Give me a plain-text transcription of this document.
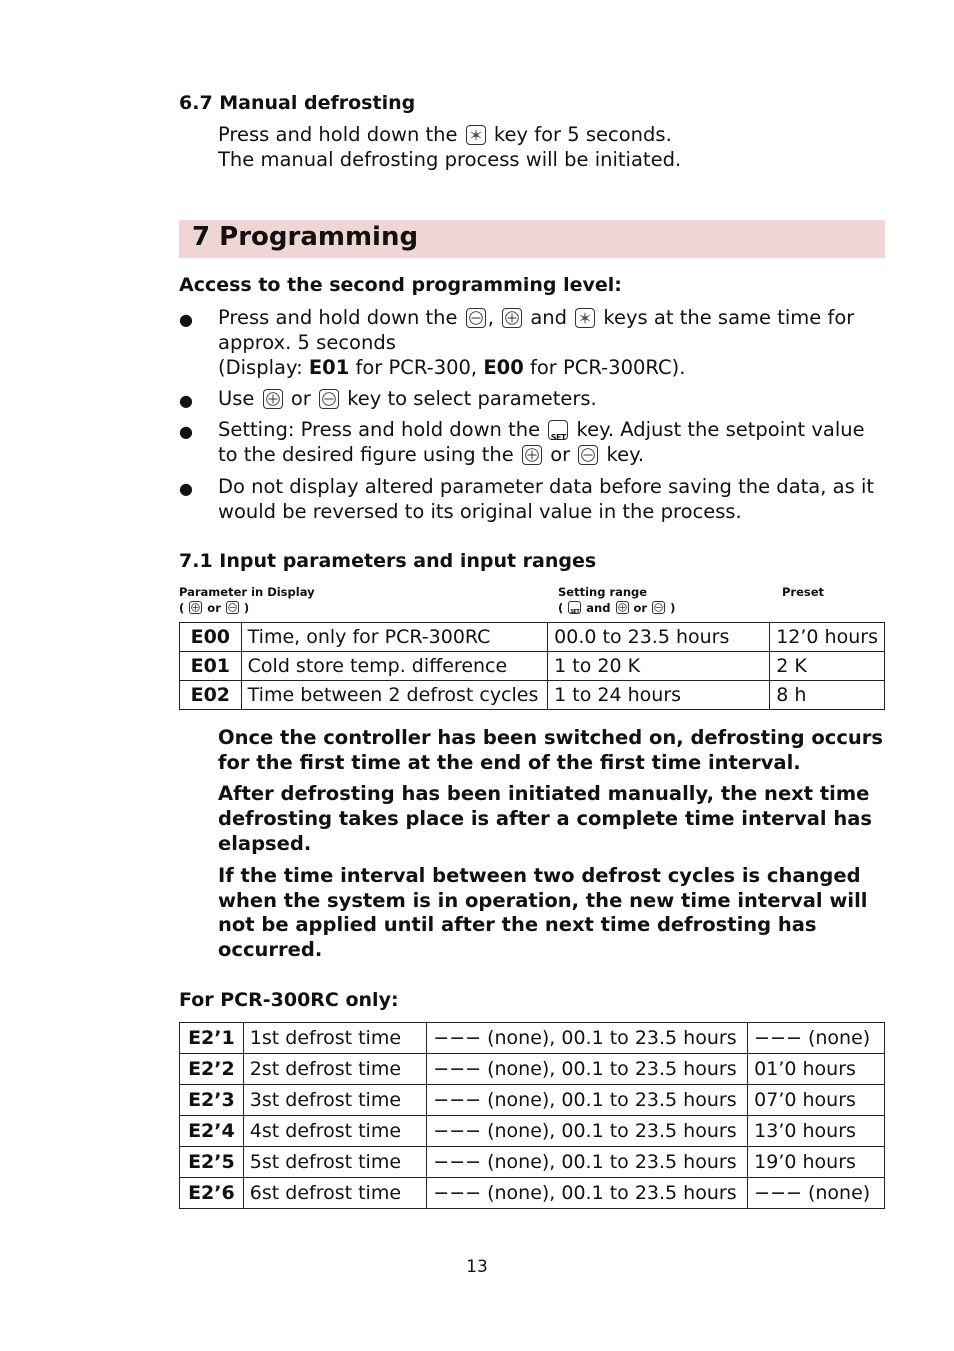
6.7 Manual defrosting
Press and hold down the key for 5 seconds.
The manual defrosting process will be initiated.
7 Programming
Access to the second programming level:
● Press and hold down the , and keys at the same time for
approx. 5 seconds
(Display: E01 for PCR-300, E00 for PCR-300RC).
● Use or key to select parameters.
● Setting: Press and hold down the SET key. Adjust the setpoint value
to the desired figure using the or key.
● Do not display altered parameter data before saving the data, as it
would be reversed to its original value in the process.
7.1 Input parameters and input ranges
Parameter in Display
( or )
Setting range
( SET and or )
Preset
E00	Time, only for PCR-300RC	00.0 to 23.5 hours	12’0 hours
E01	Cold store temp. difference	1 to 20 K	2 K
E02	Time between 2 defrost cycles	1 to 24 hours	8 h
Once the controller has been switched on, defrosting occurs
for the first time at the end of the first time interval.
After defrosting has been initiated manually, the next time
defrosting takes place is after a complete time interval has
elapsed.
If the time interval between two defrost cycles is changed
when the system is in operation, the new time interval will
not be applied until after the next time defrosting has
occurred.
For PCR-300RC only:
E2’1	1st defrost time	−−− (none), 00.1 to 23.5 hours	−−− (none)
E2’2	2st defrost time	−−− (none), 00.1 to 23.5 hours	01’0 hours
E2’3	3st defrost time	−−− (none), 00.1 to 23.5 hours	07’0 hours
E2’4	4st defrost time	−−− (none), 00.1 to 23.5 hours	13’0 hours
E2’5	5st defrost time	−−− (none), 00.1 to 23.5 hours	19’0 hours
E2’6	6st defrost time	−−− (none), 00.1 to 23.5 hours	−−− (none)
13
